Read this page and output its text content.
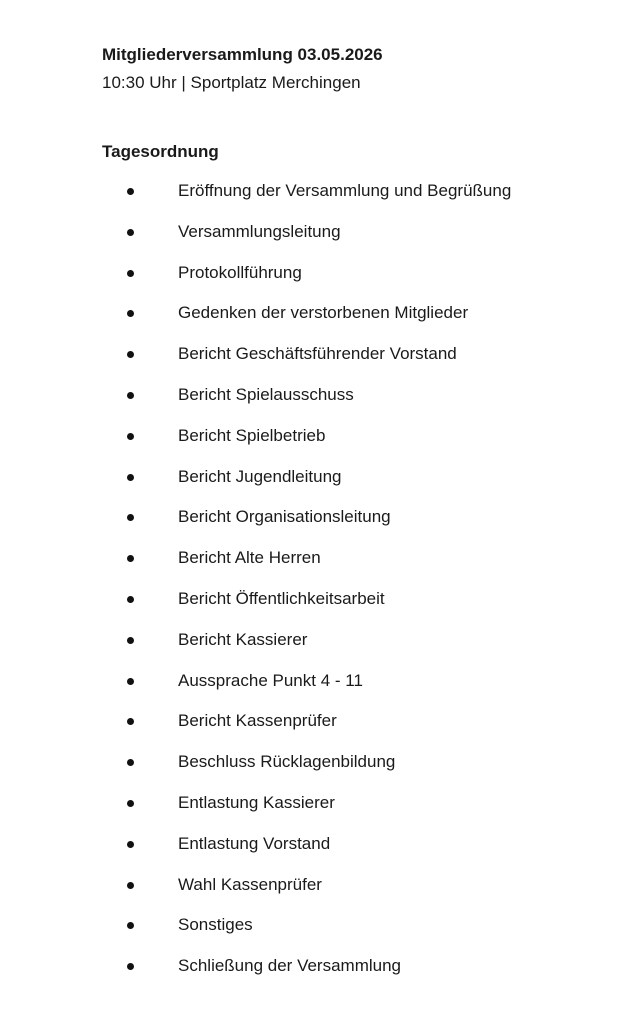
Mitgliederversammlung 03.05.2026
10:30 Uhr | Sportplatz Merchingen
Tagesordnung
Eröffnung der Versammlung und Begrüßung
Versammlungsleitung
Protokollführung
Gedenken der verstorbenen Mitglieder
Bericht Geschäftsführender Vorstand
Bericht Spielausschuss
Bericht Spielbetrieb
Bericht Jugendleitung
Bericht Organisationsleitung
Bericht Alte Herren
Bericht Öffentlichkeitsarbeit
Bericht Kassierer
Aussprache Punkt 4 - 11
Bericht Kassenprüfer
Beschluss Rücklagenbildung
Entlastung Kassierer
Entlastung Vorstand
Wahl Kassenprüfer
Sonstiges
Schließung der Versammlung
